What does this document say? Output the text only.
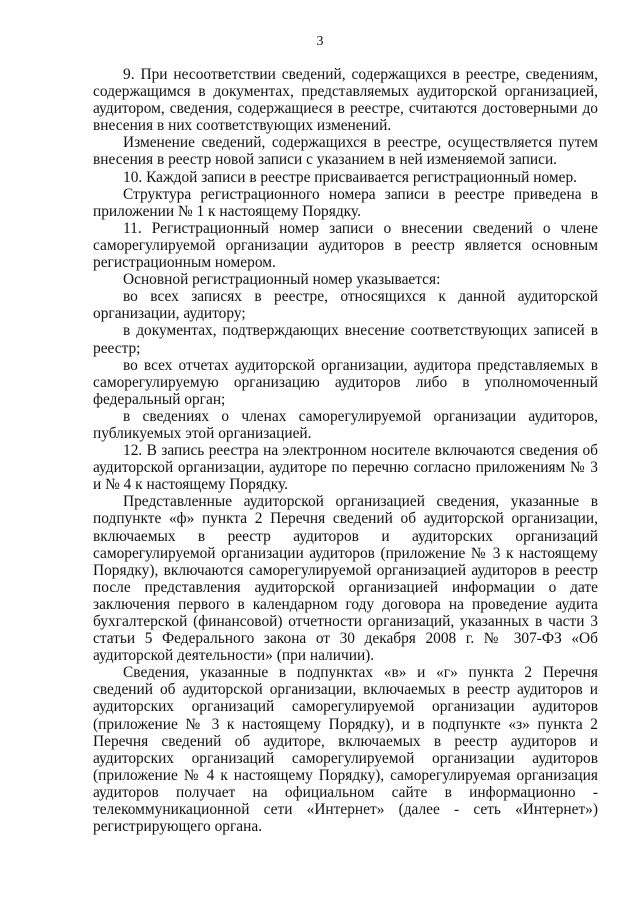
3

9. При несоответствии сведений, содержащихся в реестре, сведениям, содержащимся в документах, представляемых аудиторской организацией, аудитором, сведения, содержащиеся в реестре, считаются достоверными до внесения в них соответствующих изменений.

Изменение сведений, содержащихся в реестре, осуществляется путем внесения в реестр новой записи с указанием в ней изменяемой записи.

10. Каждой записи в реестре присваивается регистрационный номер.

Структура регистрационного номера записи в реестре приведена в приложении № 1 к настоящему Порядку.

11. Регистрационный номер записи о внесении сведений о члене саморегулируемой организации аудиторов в реестр является основным регистрационным номером.

Основной регистрационный номер указывается:

во всех записях в реестре, относящихся к данной аудиторской организации, аудитору;

в документах, подтверждающих внесение соответствующих записей в реестр;

во всех отчетах аудиторской организации, аудитора представляемых в саморегулируемую организацию аудиторов либо в уполномоченный федеральный орган;

в сведениях о членах саморегулируемой организации аудиторов, публикуемых этой организацией.

12. В запись реестра на электронном носителе включаются сведения об аудиторской организации, аудиторе по перечню согласно приложениям № 3 и № 4 к настоящему Порядку.

Представленные аудиторской организацией сведения, указанные в подпункте «ф» пункта 2 Перечня сведений об аудиторской организации, включаемых в реестр аудиторов и аудиторских организаций саморегулируемой организации аудиторов (приложение № 3 к настоящему Порядку), включаются саморегулируемой организацией аудиторов в реестр после представления аудиторской организацией информации о дате заключения первого в календарном году договора на проведение аудита бухгалтерской (финансовой) отчетности организаций, указанных в части 3 статьи 5 Федерального закона от 30 декабря 2008 г. № 307-ФЗ «Об аудиторской деятельности» (при наличии).

Сведения, указанные в подпунктах «в» и «г» пункта 2 Перечня сведений об аудиторской организации, включаемых в реестр аудиторов и аудиторских организаций саморегулируемой организации аудиторов (приложение № 3 к настоящему Порядку), и в подпункте «з» пункта 2 Перечня сведений об аудиторе, включаемых в реестр аудиторов и аудиторских организаций саморегулируемой организации аудиторов (приложение № 4 к настоящему Порядку), саморегулируемая организация аудиторов получает на официальном сайте в информационно - телекоммуникационной сети «Интернет» (далее - сеть «Интернет») регистрирующего органа.
